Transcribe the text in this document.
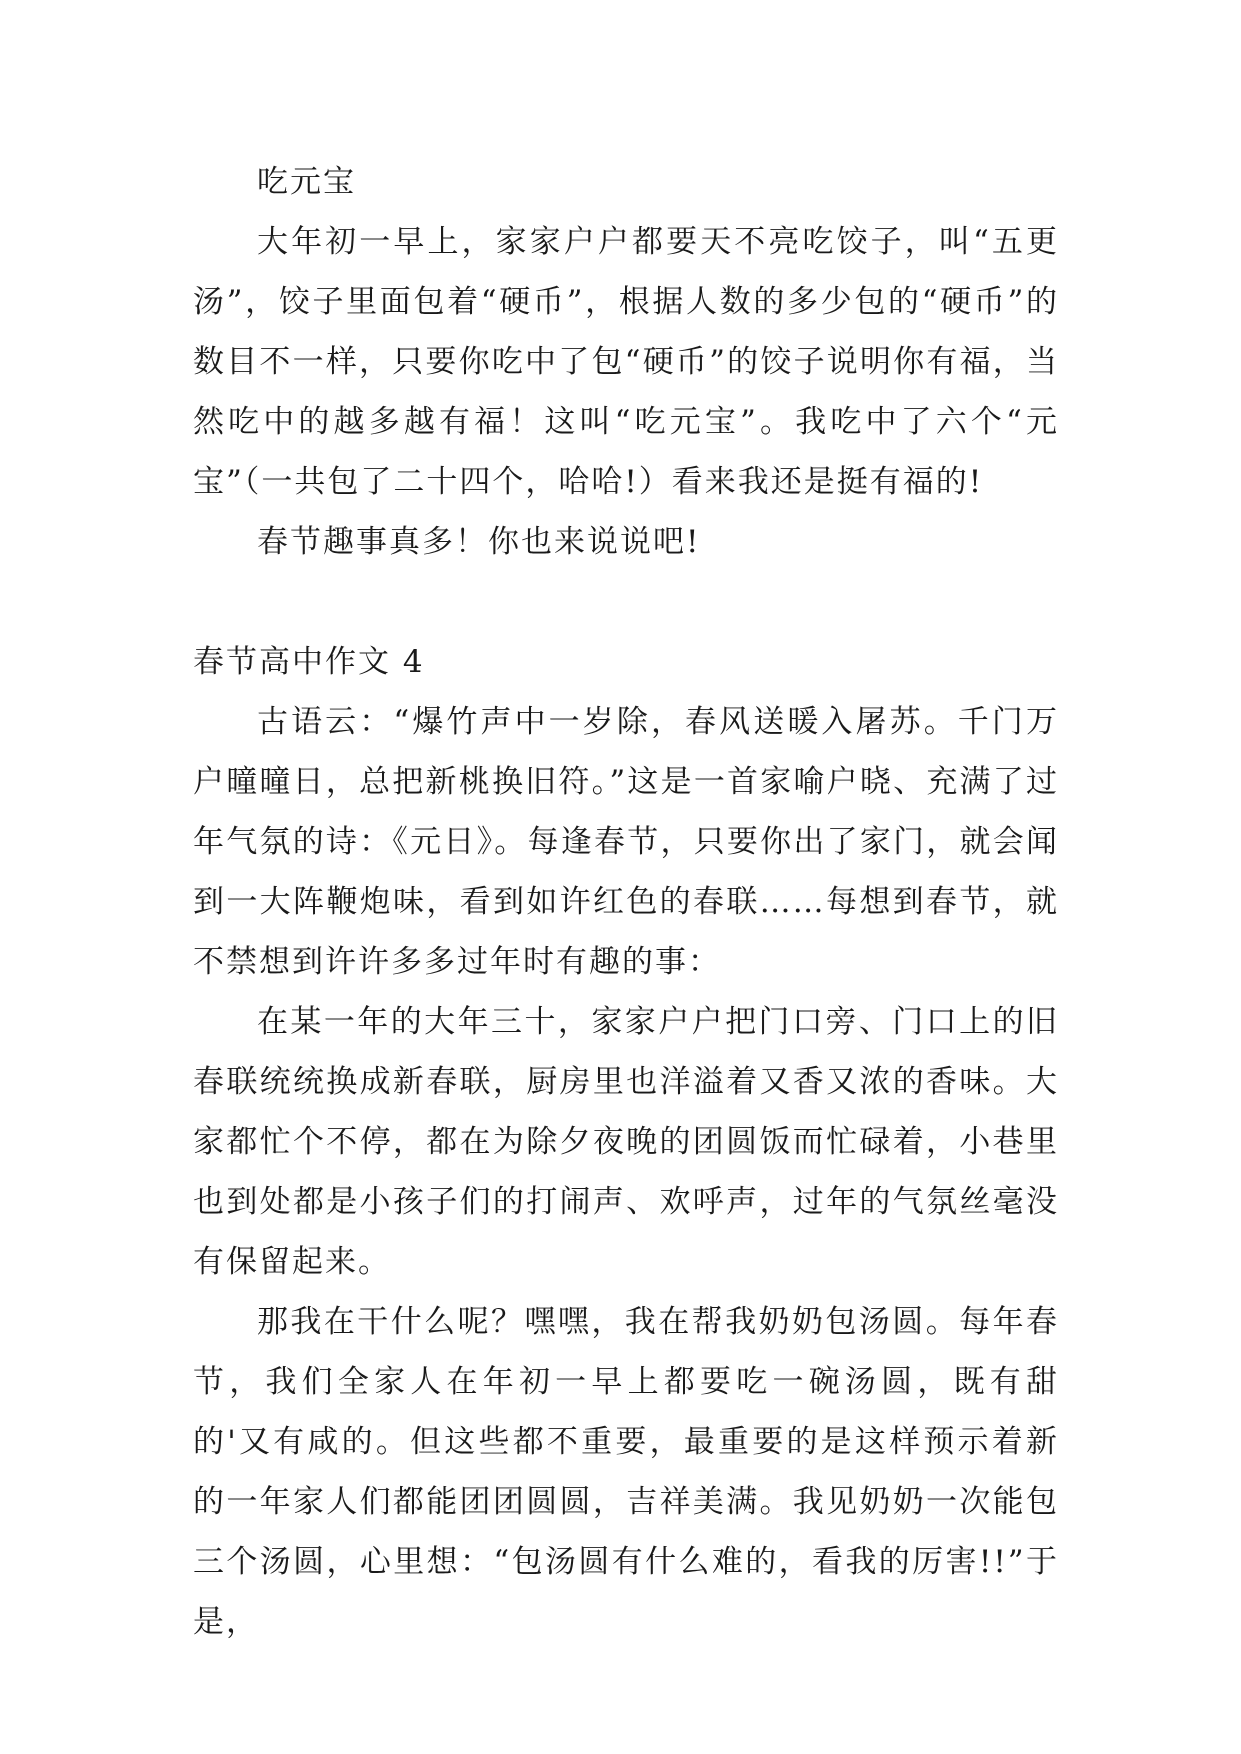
吃元宝

大年初一早上，家家户户都要天不亮吃饺子，叫“五更汤”，饺子里面包着“硬币”，根据人数的多少包的“硬币”的数目不一样，只要你吃中了包“硬币”的饺子说明你有福，当然吃中的越多越有福！这叫“吃元宝”。我吃中了六个“元宝”（一共包了二十四个，哈哈!）看来我还是挺有福的!

春节趣事真多！你也来说说吧!

春节高中作文 4

古语云：“爆竹声中一岁除，春风送暖入屠苏。千门万户曈曈日，总把新桃换旧符。”这是一首家喻户晓、充满了过年气氛的诗：《元日》。每逢春节，只要你出了家门，就会闻到一大阵鞭炮味，看到如许红色的春联……每想到春节，就不禁想到许许多多过年时有趣的事：

在某一年的大年三十，家家户户把门口旁、门口上的旧春联统统换成新春联，厨房里也洋溢着又香又浓的香味。大家都忙个不停，都在为除夕夜晚的团圆饭而忙碌着，小巷里也到处都是小孩子们的打闹声、欢呼声，过年的气氛丝毫没有保留起来。

那我在干什么呢？嘿嘿，我在帮我奶奶包汤圆。每年春节，我们全家人在年初一早上都要吃一碗汤圆，既有甜的'又有咸的。但这些都不重要，最重要的是这样预示着新的一年家人们都能团团圆圆，吉祥美满。我见奶奶一次能包三个汤圆，心里想：“包汤圆有什么难的，看我的厉害!!”于是，
